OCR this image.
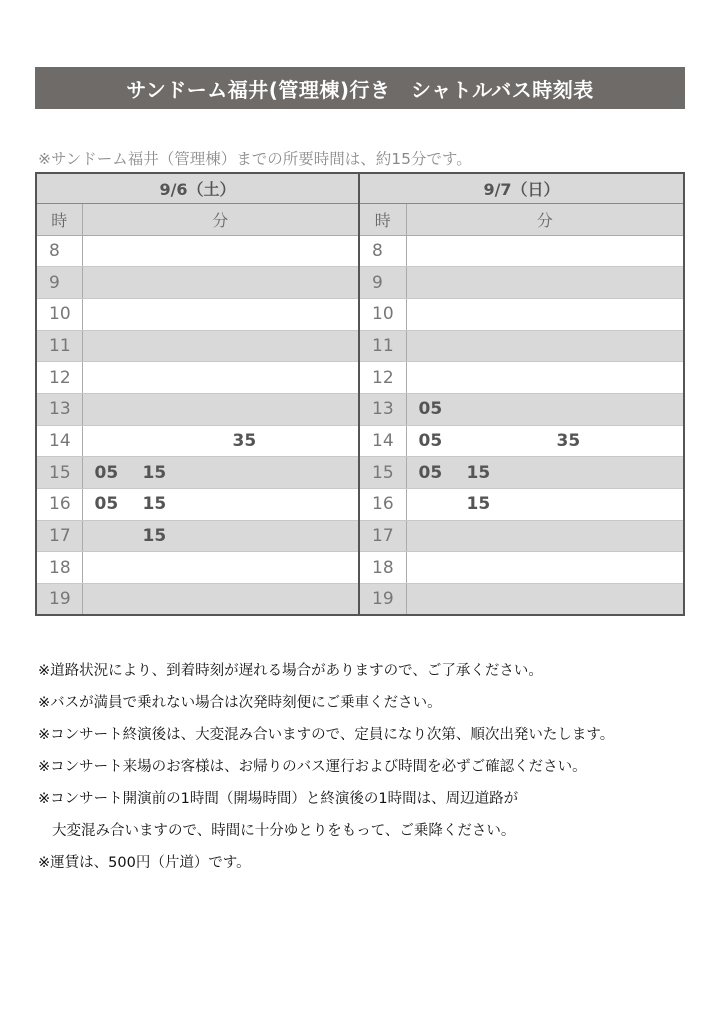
サンドーム福井(管理棟)行き　シャトルバス時刻表
※サンドーム福井（管理棟）までの所要時間は、約15分です。
9/6（土）	
時	分
8	
9	
10	
11	
12	
13	
14	35

15	05 15

16	05 15

17	15

18	
19	
9/7（日）	
時	分
8	
9	
10	
11	
12	
13	05

14	05 35

15	05 15

16	15

17	
18	
19	
※道路状況により、到着時刻が遅れる場合がありますので、ご了承ください。
※バスが満員で乗れない場合は次発時刻便にご乗車ください。
※コンサート終演後は、大変混み合いますので、定員になり次第、順次出発いたします。
※コンサート来場のお客様は、お帰りのバス運行および時間を必ずご確認ください。
※コンサート開演前の1時間（開場時間）と終演後の1時間は、周辺道路が
大変混み合いますので、時間に十分ゆとりをもって、ご乗降ください。
※運賃は、500円（片道）です。
